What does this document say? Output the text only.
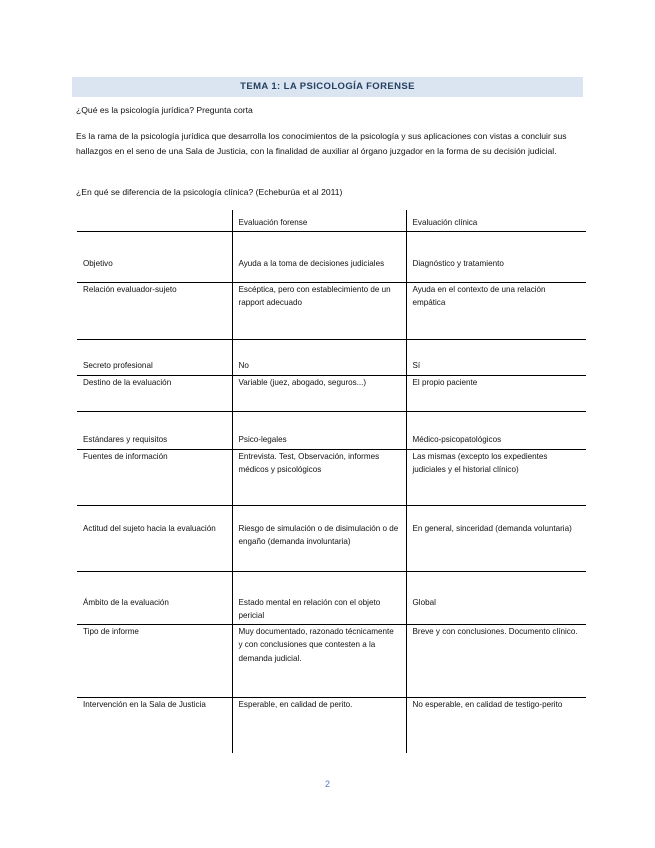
TEMA 1: LA PSICOLOGÍA FORENSE
¿Qué es la psicología jurídica? Pregunta corta
Es la rama de la psicología jurídica que desarrolla los conocimientos de la psicología y sus aplicaciones con vistas a concluir sus hallazgos en el seno de una Sala de Justicia, con la finalidad de auxiliar al órgano juzgador en la forma de su decisión judicial.
¿En qué se diferencia de la psicología clínica? (Echeburúa et al 2011)
	Evaluación forense	Evaluación clínica
Objetivo	Ayuda a la toma de decisiones judiciales	Diagnóstico y tratamiento
Relación evaluador-sujeto	Escéptica, pero con establecimiento de un rapport adecuado	Ayuda en el contexto de una relación empática
Secreto profesional	No	Sí
Destino de la evaluación	Variable (juez, abogado, seguros...)	El propio paciente
Estándares y requisitos	Psico-legales	Médico-psicopatológicos
Fuentes de información	Entrevista. Test, Observación, informes médicos y psicológicos	Las mismas (excepto los expedientes judiciales y el historial clínico)
Actitud del sujeto hacia la evaluación	Riesgo de simulación o de disimulación o de engaño (demanda involuntaria)	En general, sinceridad (demanda voluntaria)
Ámbito de la evaluación	Estado mental en relación con el objeto pericial	Global
Tipo de informe	Muy documentado, razonado técnicamente y con conclusiones que contesten a la demanda judicial.	Breve y con conclusiones. Documento clínico.
Intervención en la Sala de Justicia	Esperable, en calidad de perito.	No esperable, en calidad de testigo-perito
2
